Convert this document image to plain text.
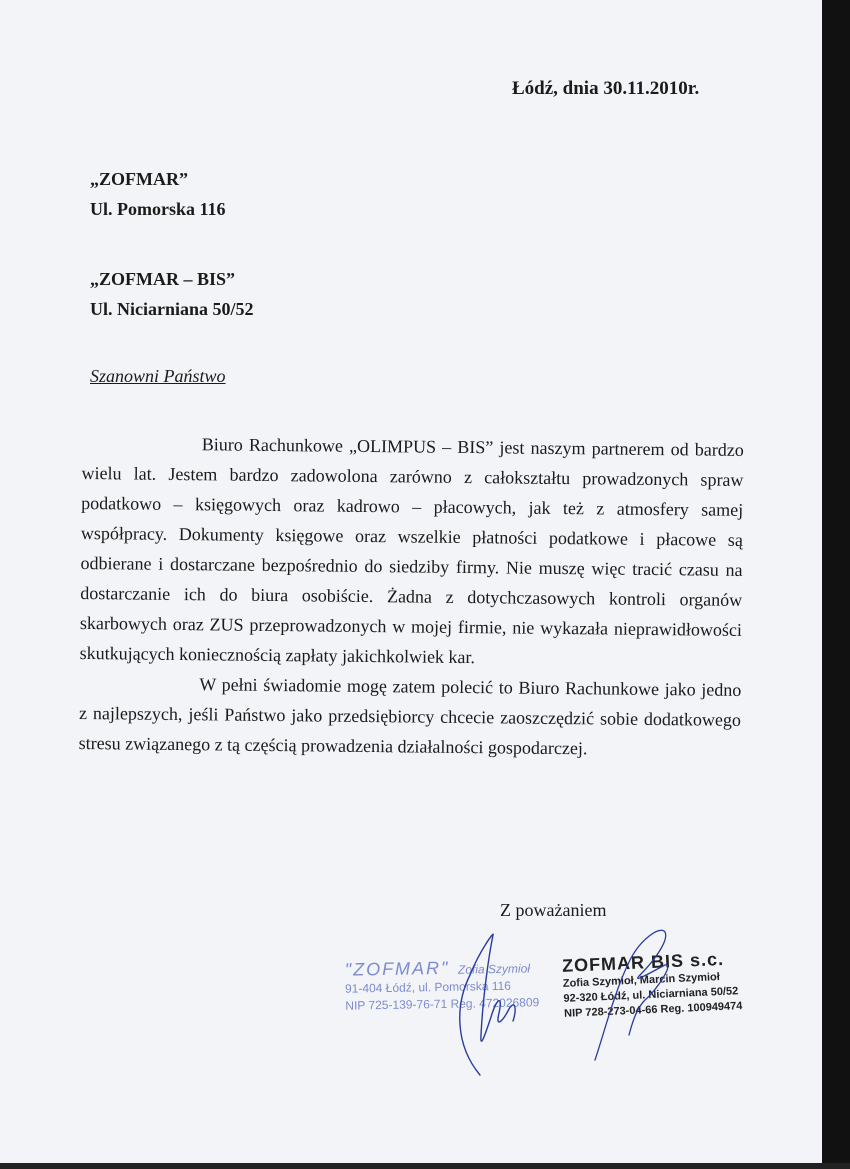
Łódź, dnia 30.11.2010r.
„ZOFMAR”
Ul. Pomorska 116
„ZOFMAR – BIS”
Ul. Niciarniana 50/52
Szanowni Państwo

Biuro Rachunkowe „OLIMPUS – BIS” jest naszym partnerem od bardzo wielu lat. Jestem bardzo zadowolona zarówno z całokształtu prowadzonych spraw podatkowo – księgowych oraz kadrowo – płacowych, jak też z atmosfery samej współpracy. Dokumenty księgowe oraz wszelkie płatności podatkowe i płacowe są odbierane i dostarczane bezpośrednio do siedziby firmy. Nie muszę więc tracić czasu na dostarczanie ich do biura osobiście. Żadna z dotychczasowych kontroli organów skarbowych oraz ZUS przeprowadzonych w mojej firmie, nie wykazała nieprawidłowości skutkujących koniecznością zapłaty jakichkolwiek kar.

W pełni świadomie mogę zatem polecić to Biuro Rachunkowe jako jedno z najlepszych, jeśli Państwo jako przedsiębiorcy chcecie zaoszczędzić sobie dodatkowego stresu związanego z tą częścią prowadzenia działalności gospodarczej.

Z poważaniem
"ZOFMAR" Zofia Szymioł
91-404 Łódź, ul. Pomorska 116
NIP 725-139-76-71 Reg. 472026809
ZOFMAR BIS s.c.
Zofia Szymioł, Marcin Szymioł
92-320 Łódź, ul. Niciarniana 50/52
NIP 728-273-04-66 Reg. 100949474
